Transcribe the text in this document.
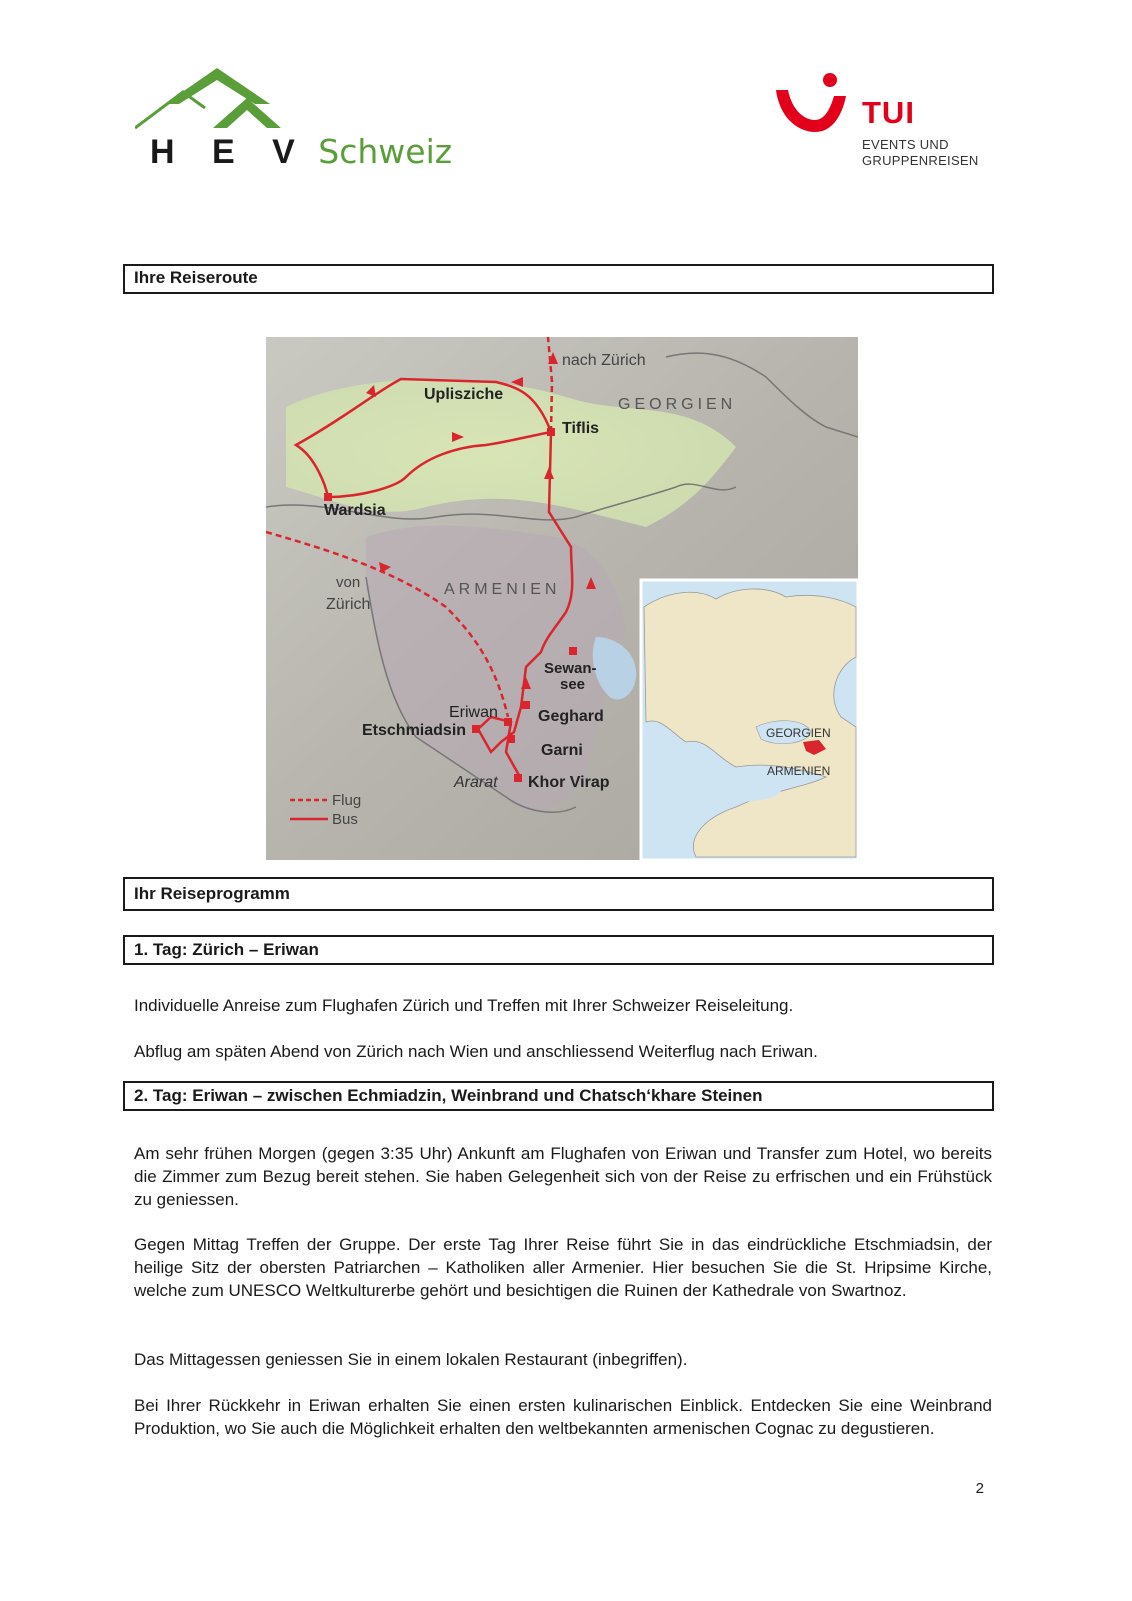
H E V Schweiz
TUI
EVENTS UND
GRUPPENREISEN
Ihre Reiseroute
nach Zürich
GEORGIEN
Uplisziche
Tiflis
Wardsia
von
Zürich
ARMENIEN
Sewan-
see
Eriwan	Geghard
Etschmiadsin
Garni
Ararat Khor Virap
Flug
Bus
GEORGIEN
ARMENIEN
Ihr Reiseprogramm
1. Tag: Zürich – Eriwan
Individuelle Anreise zum Flughafen Zürich und Treffen mit Ihrer Schweizer Reiseleitung.
Abflug am späten Abend von Zürich nach Wien und anschliessend Weiterflug nach Eriwan.
2. Tag: Eriwan – zwischen Echmiadzin, Weinbrand und Chatsch‘khare Steinen
Am sehr frühen Morgen (gegen 3:35 Uhr) Ankunft am Flughafen von Eriwan und Transfer zum Hotel, wo bereits die Zimmer zum Bezug bereit stehen. Sie haben Gelegenheit sich von der Reise zu erfrischen und ein Frühstück zu geniessen.
Gegen Mittag Treffen der Gruppe. Der erste Tag Ihrer Reise führt Sie in das eindrückliche Etschmiadsin, der heilige Sitz der obersten Patriarchen – Katholiken aller Armenier. Hier besuchen Sie die St. Hripsime Kirche, welche zum UNESCO Weltkulturerbe gehört und besichtigen die Ruinen der Kathedrale von Swartnoz.
Das Mittagessen geniessen Sie in einem lokalen Restaurant (inbegriffen).
Bei Ihrer Rückkehr in Eriwan erhalten Sie einen ersten kulinarischen Einblick. Entdecken Sie eine Weinbrand Produktion, wo Sie auch die Möglichkeit erhalten den weltbekannten armenischen Cognac zu degustieren.
2
